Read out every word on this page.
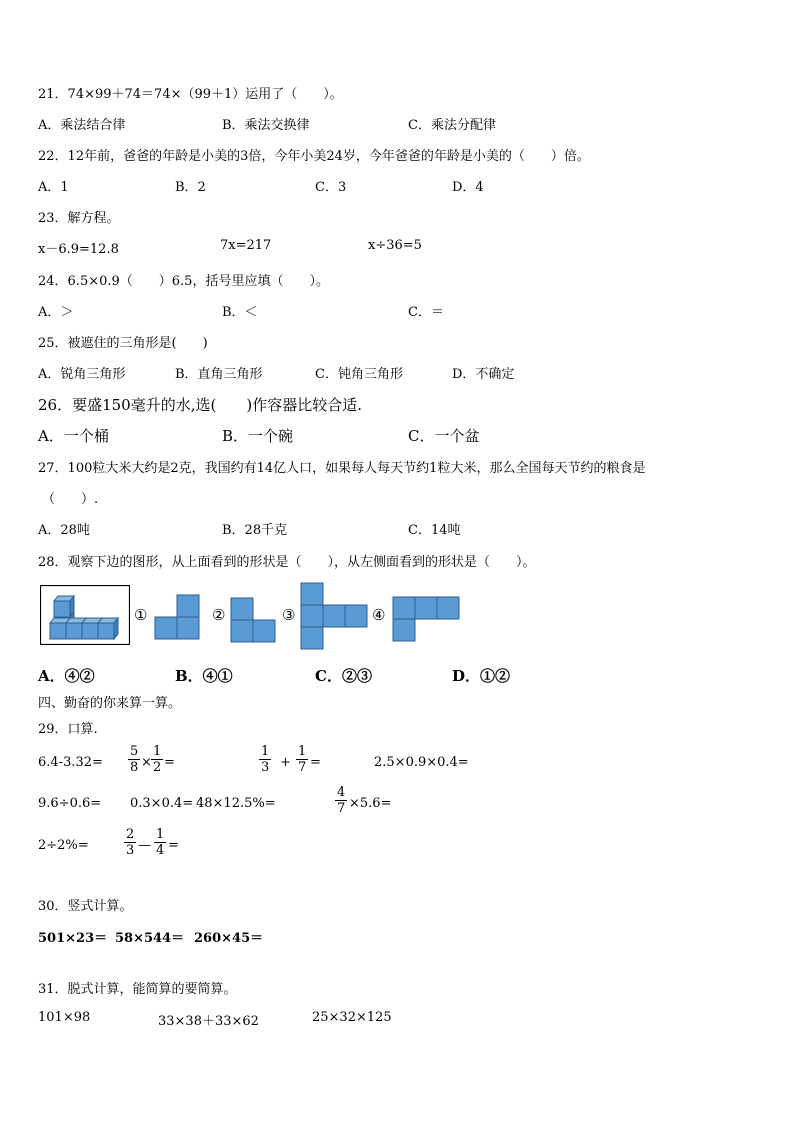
21．74×99＋74＝74×（99＋1）运用了（　　）。
A．乘法结合律	B．乘法交换律	C．乘法分配律
22．12年前，爸爸的年龄是小美的3倍，今年小美24岁，今年爸爸的年龄是小美的（　　）倍。
A．1	B．2	C．3	D．4
23．解方程。
x－6.9=12.8	7x=217	x÷36=5
24．6.5×0.9（　　）6.5，括号里应填（　　）。
A．＞	B．＜	C．＝
25．被遮住的三角形是(　　)
A．锐角三角形	B．直角三角形	C．钝角三角形	D．不确定
26．要盛150毫升的水,选(　　)作容器比较合适.
A．一个桶	B．一个碗	C．一个盆
27．100粒大米大约是2克，我国约有14亿人口，如果每人每天节约1粒大米，那么全国每天节约的粮食是
（　　）.
A．28吨	B．28千克	C．14吨
28．观察下边的图形，从上面看到的形状是（　　），从左侧面看到的形状是（　　）。
①	②	③	④
A．④②	B．④①	C．②③	D．①②
四、勤奋的你来算一算。
29．口算.
$6.4-3.32= \frac{5}{8} \times \frac{1}{2}$ =	$\frac{1}{3} + \frac{1}{7}$ =	2.5×0.9×0.4=
9.6÷0.6= 0.3×0.4= 48×12.5%=	$\frac{4}{7} \times 5.6=$
2÷2%=	$\frac{2}{3}$ — $\frac{1}{4}$ =
30．竖式计算。
501×23＝ 58×544＝ 260×45＝
31．脱式计算，能简算的要简算。
101×98	33×38＋33×62	25×32×125
